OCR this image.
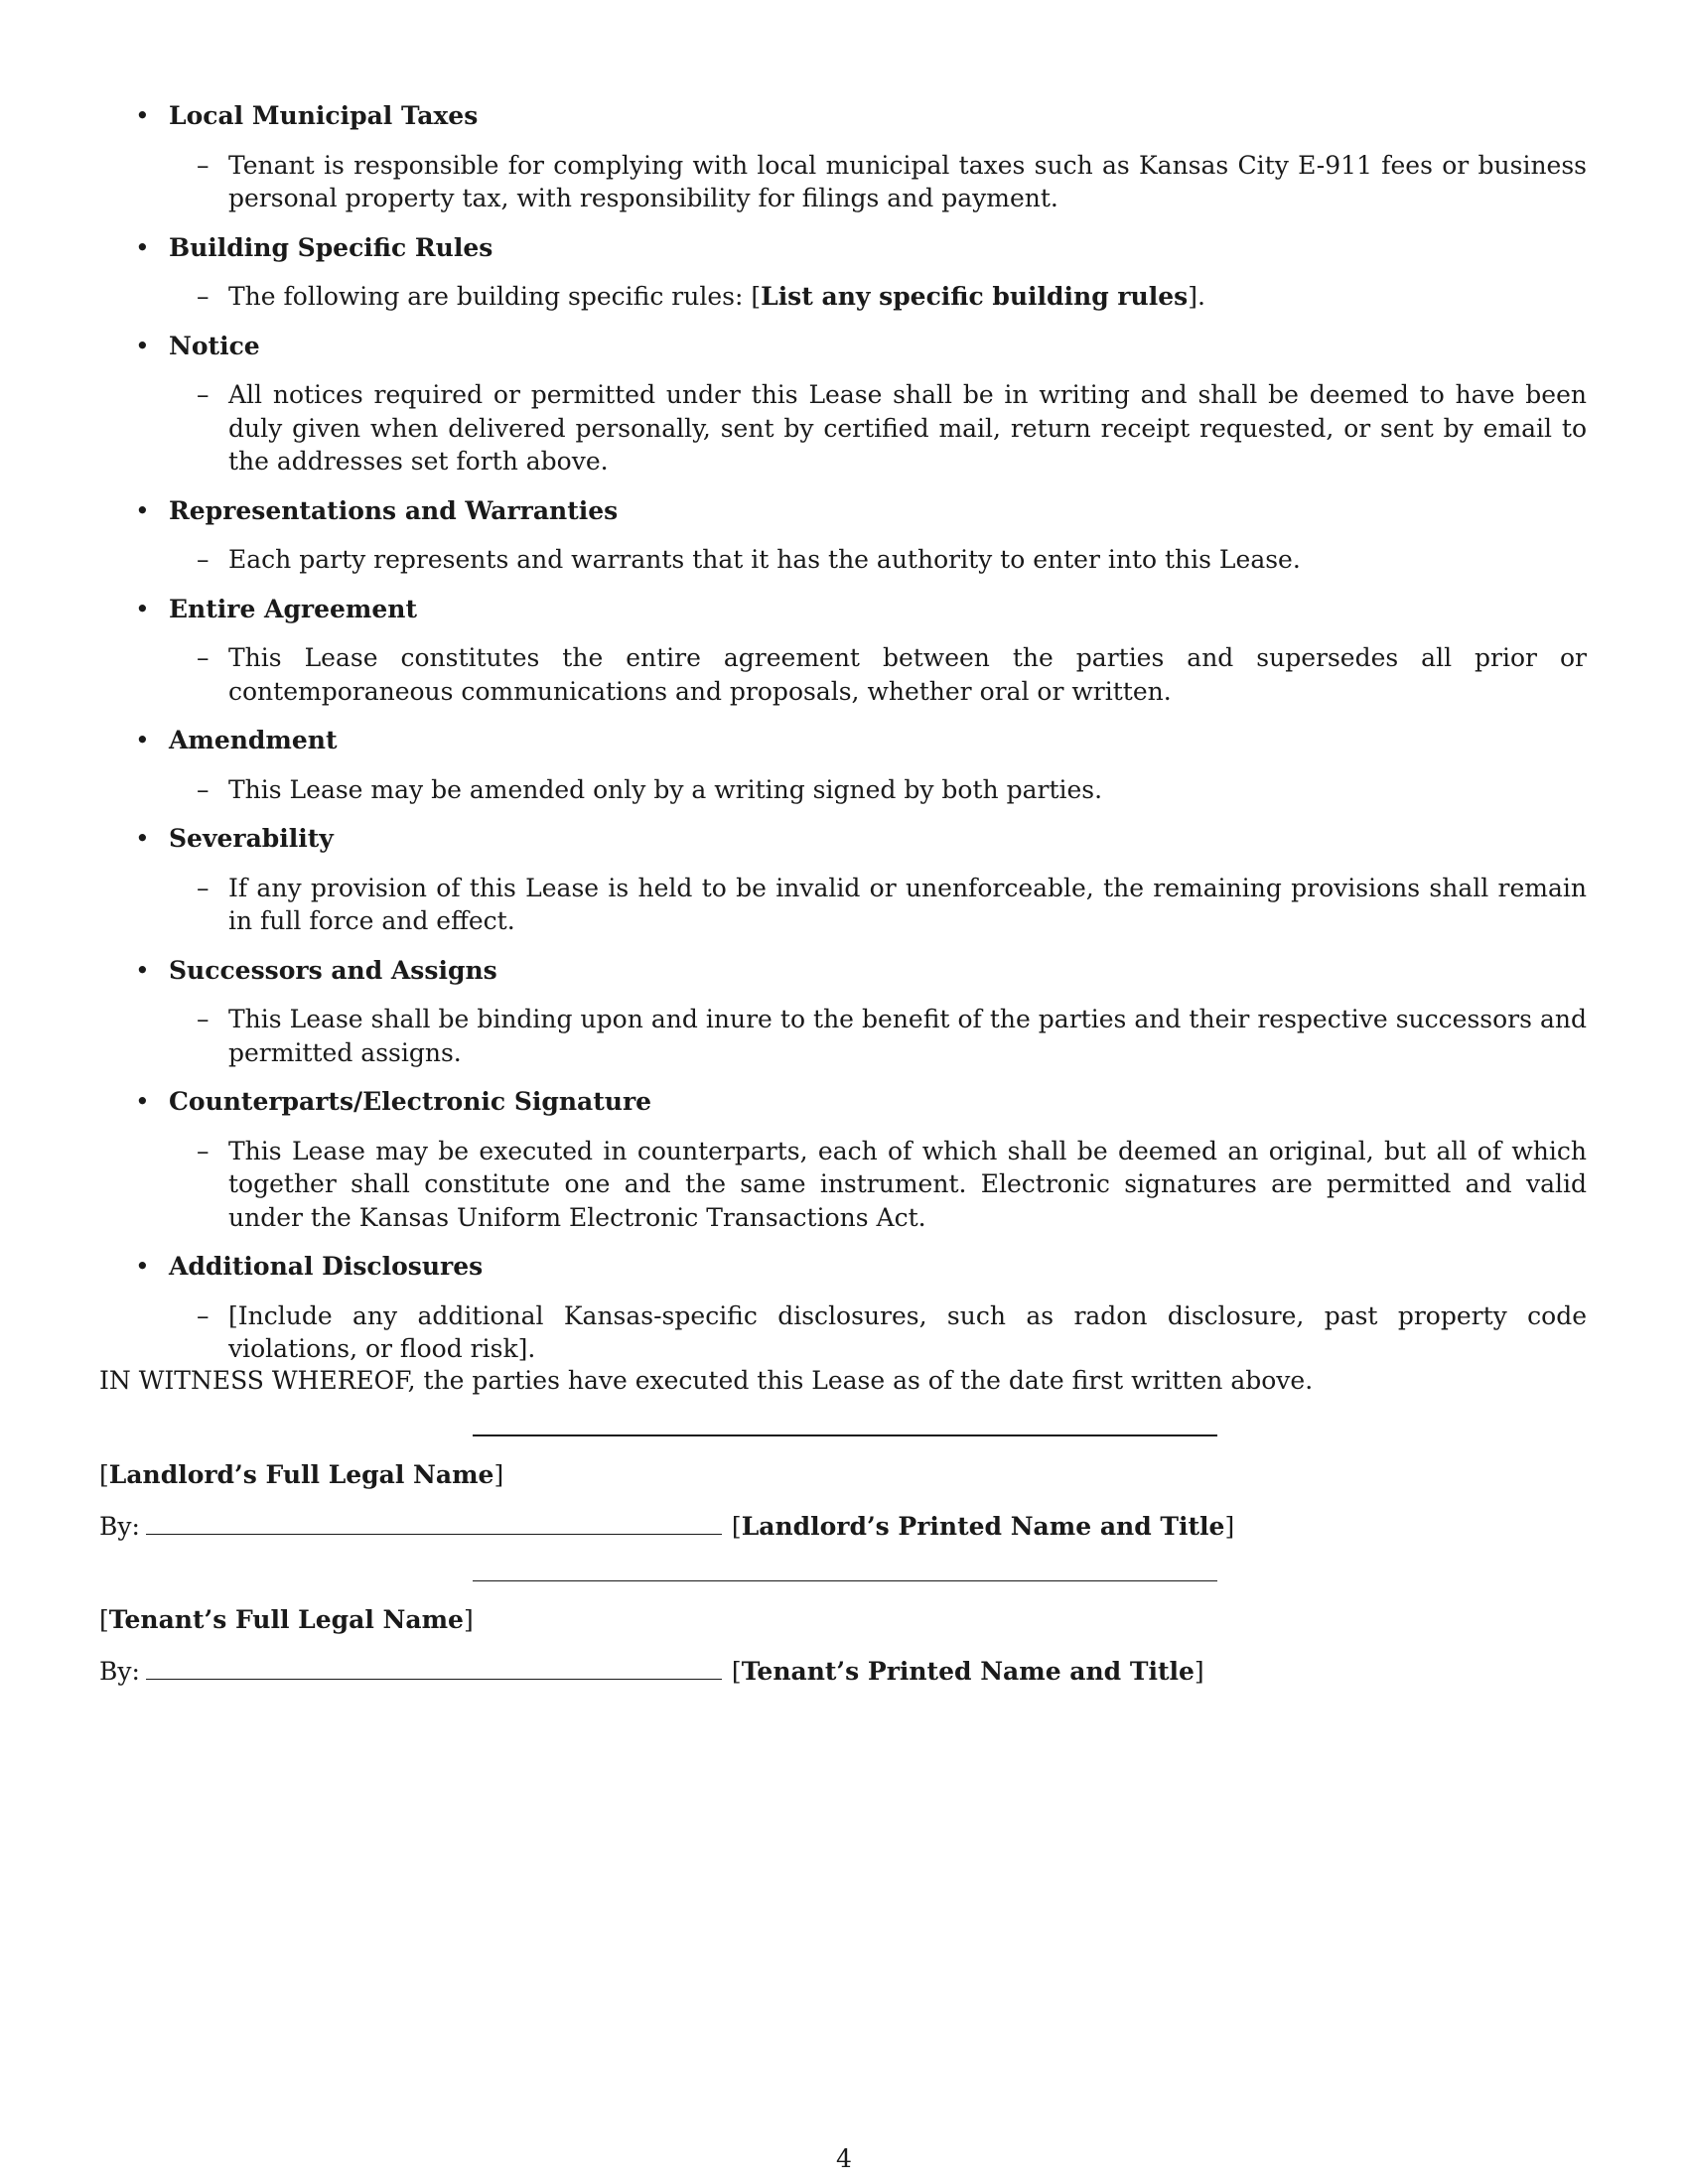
• Local Municipal Taxes
– Tenant is responsible for complying with local municipal taxes such as Kansas City E-911 fees or business personal property tax, with responsibility for filings and payment.
• Building Specific Rules
– The following are building specific rules: [List any specific building rules].
• Notice
– All notices required or permitted under this Lease shall be in writing and shall be deemed to have been duly given when delivered personally, sent by certified mail, return receipt requested, or sent by email to the addresses set forth above.
• Representations and Warranties
– Each party represents and warrants that it has the authority to enter into this Lease.
• Entire Agreement
– This Lease constitutes the entire agreement between the parties and supersedes all prior or contemporaneous communications and proposals, whether oral or written.
• Amendment
– This Lease may be amended only by a writing signed by both parties.
• Severability
– If any provision of this Lease is held to be invalid or unenforceable, the remaining provisions shall remain in full force and effect.
• Successors and Assigns
– This Lease shall be binding upon and inure to the benefit of the parties and their respective successors and permitted assigns.
• Counterparts/Electronic Signature
– This Lease may be executed in counterparts, each of which shall be deemed an original, but all of which together shall constitute one and the same instrument. Electronic signatures are permitted and valid under the Kansas Uniform Electronic Transactions Act.
• Additional Disclosures
– [Include any additional Kansas-specific disclosures, such as radon disclosure, past property code violations, or flood risk].
IN WITNESS WHEREOF, the parties have executed this Lease as of the date first written above.
[Landlord’s Full Legal Name]
By:	[Landlord’s Printed Name and Title]
[Tenant’s Full Legal Name]
By:	[Tenant’s Printed Name and Title]
4
